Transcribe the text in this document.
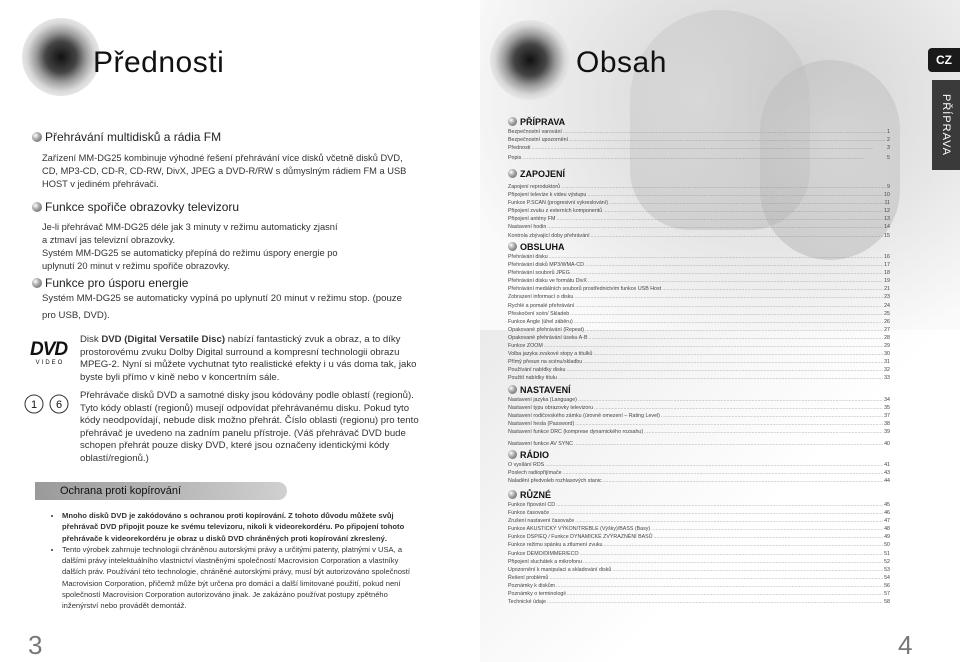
Přednosti
Přehrávání multidisků a rádia FM
Zařízení MM-DG25 kombinuje výhodné řešení přehrávání více disků včetně disků DVD, CD, MP3-CD, CD-R, CD-RW, DivX, JPEG a DVD-R/RW s důmyslným rádiem FM a USB HOST v jediném přehrávači.
Funkce spořiče obrazovky televizoru
Je-li přehrávač MM-DG25 déle jak 3 minuty v režimu automaticky zjasní a ztmaví jas televizní obrazovky.
Systém MM-DG25 se automaticky přepíná do režimu úspory energie po uplynutí 20 minut v režimu spořiče obrazovky.
Funkce pro úsporu energie
Systém MM-DG25 se automaticky vypíná po uplynutí 20 minut v režimu stop. (pouze pro USB, DVD).
DVD
VIDEO
Disk DVD (Digital Versatile Disc) nabízí fantastický zvuk a obraz, a to díky prostorovému zvuku Dolby Digital surround a kompresní technologii obrazu MPEG-2. Nyní si můžete vychutnat tyto realistické efekty i u vás doma tak, jako byste byli přímo v kině nebo v koncertním sále.
1 6
Přehrávače disků DVD a samotné disky jsou kódovány podle oblastí (regionů). Tyto kódy oblastí (regionů) musejí odpovídat přehrávanému disku. Pokud tyto kódy neodpovídají, nebude disk možno přehrát. Číslo oblasti (regionu) pro tento přehrávač je uvedeno na zadním panelu přístroje. (Váš přehrávač DVD bude schopen přehrát pouze disky DVD, které jsou označeny identickými kódy oblastí/regionů.)
Ochrana proti kopírování
• Mnoho disků DVD je zakódováno s ochranou proti kopírování. Z tohoto důvodu můžete svůj přehrávač DVD připojit pouze ke svému televizoru, nikoli k videorekordéru. Po připojení tohoto přehrávače k videorekordéru je obraz u disků DVD chráněných proti kopírování zkreslený.
• Tento výrobek zahrnuje technologii chráněnou autorskými právy a určitými patenty, platnými v USA, a dalšími právy intelektuálního vlastnictví vlastněnými společností Macrovision Corporation a vlastníky dalších práv. Používání této technologie, chráněné autorskými právy, musí být autorizováno společností Macrovision Corporation, přičemž může být určena pro domácí a další limitované použití, pokud není společností Macrovision Corporation autorizováno jinak. Je zakázáno používat postupy zpětného inženýrství nebo provádět demontáž.
3
Obsah
4
CZ
PŘÍPRAVA
PŘÍPRAVA
Bezpečnostní varování .....	1
Bezpečnostní upozornění .....	2
Přednosti .....	3
Popis .....	5
ZAPOJENÍ
Zapojení reproduktorů .....	9
Připojení televize k videu výstupu .....	10
Funkce P.SCAN (progresivní vykreslování) .....	11
Připojení zvuku z externích komponentů .....	12
Připojení antény FM .....	13
Nastavení hodin .....	14
Kontrola zbývající doby přehrávání .....	15
OBSLUHA
Přehrávání disku .....	16
Přehrávání disků MP3/WMA-CD .....	17
Přehrávání souborů JPEG .....	18
Přehrávání disku ve formátu DivX .....	19
Přehrávání mediálních souborů prostřednictvím funkce USB Host .....	21
Zobrazení informací o disku .....	23
Rychlé a pomalé přehrávání .....	24
Přeskočení scén/ Skladeb .....	25
Funkce Angle (úhel záběru) .....	26
Opakované přehrávání (Repeat) .....	27
Opakované přehrávání úseku A-B .....	28
Funkce ZOOM .....	29
Volba jazyka zvukové stopy a titulků .....	30
Přímý přesun na scénu/skladbu .....	31
Používání nabídky disku .....	32
Použití nabídky titulu .....	33
NASTAVENÍ
Nastavení jazyka (Language) .....	34
Nastavení typu obrazovky televizoru .....	35
Nastavení rodičovského zámku (úrovně omezení – Rating Level) .....	37
Nastavení hesla (Password) .....	38
Nastavení funkce DRC (komprese dynamického rozsahu) .....	39
Nastavení funkce AV SYNC .....	40
RÁDIO
O vysílání RDS .....	41
Poslech radiopřijímače .....	43
Naladění předvoleb rozhlasových stanic .....	44
RŮZNÉ
Funkce řípování CD .....	45
Funkce časovače .....	46
Zrušení nastavení časovače .....	47
Funkce AKUSTICKÝ VÝKON/TREBLE (Výšky)/BASS (Basy) .....	48
Funkce DSP/EQ / Funkce DYNAMICKÉ ZVÝRAZNĚNÍ BASŮ .....	49
Funkce režimu spánku a ztlumení zvuku .....	50
Funkce DEMO/DIMMER/ECO .....	51
Připojení sluchátek a mikrofonu .....	52
Upozornění k manipulaci a skladování disků .....	53
Řešení problémů .....	54
Poznámky k diskům .....	56
Poznámky o terminologii .....	57
Technické údaje .....	58
